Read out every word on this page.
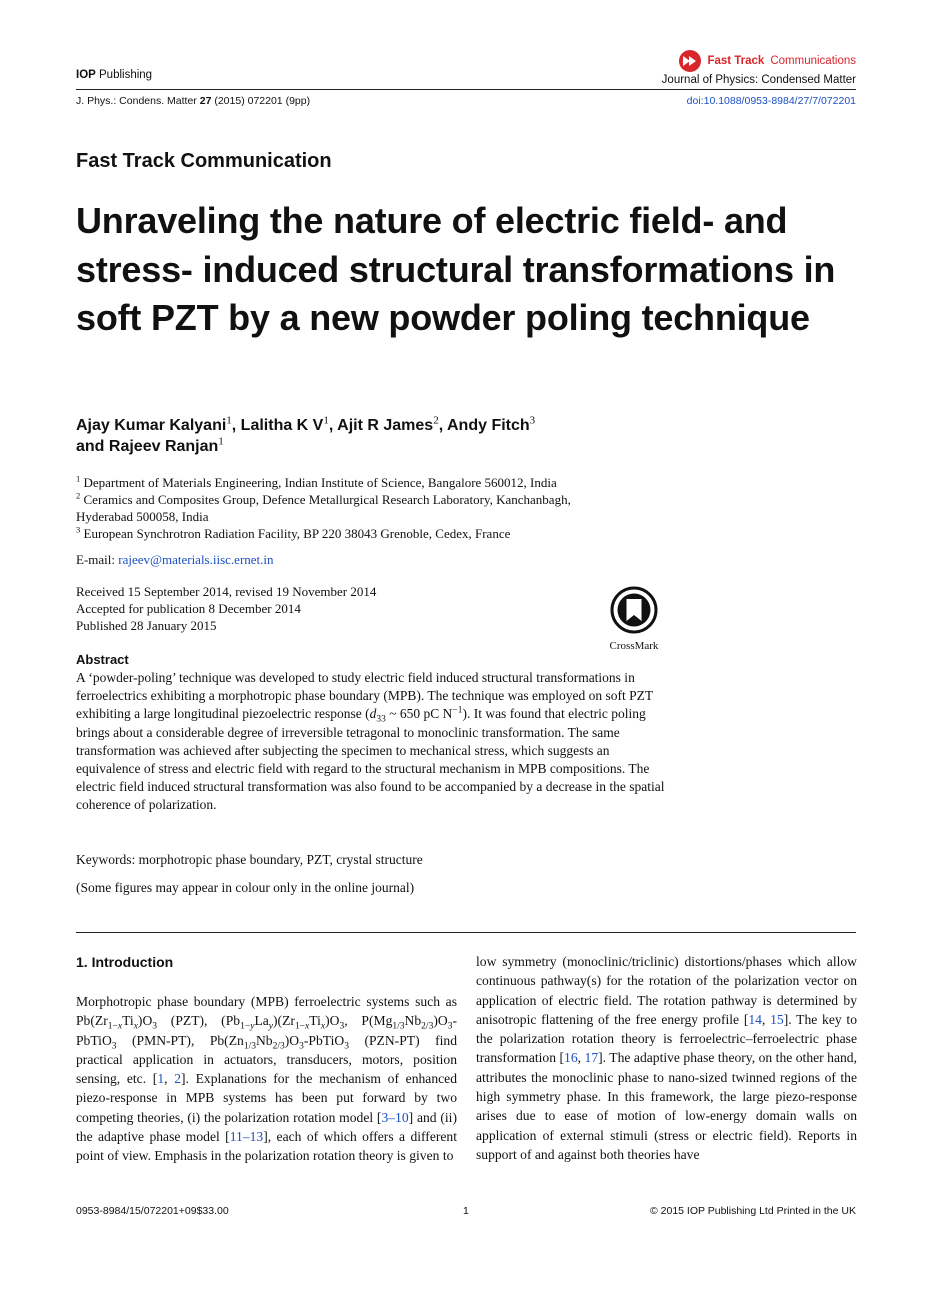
Fast Track Communications
IOP Publishing	Journal of Physics: Condensed Matter
J. Phys.: Condens. Matter 27 (2015) 072201 (9pp)	doi:10.1088/0953-8984/27/7/072201
Fast Track Communication
Unraveling the nature of electric field- and stress- induced structural transformations in soft PZT by a new powder poling technique
Ajay Kumar Kalyani$^1$, Lalitha K $V^1$, Ajit R James$^2$, Andy Fitch$^3$
and Rajeev Ranjan$^1$
$^1$ Department of Materials Engineering, Indian Institute of Science, Bangalore 560012, India
$^2$ Ceramics and Composites Group, Defence Metallurgical Research Laboratory, Kanchanbagh,
Hyderabad 500058, India
$^3$ European Synchrotron Radiation Facility, BP 220 38043 Grenoble, Cedex, France
E-mail: rajeev@materials.iisc.ernet.in
Received 15 September 2014, revised 19 November 2014
Accepted for publication 8 December 2014
Published 28 January 2015
CrossMark
Abstract
A ‘powder-poling’ technique was developed to study electric field induced structural transformations in ferroelectrics exhibiting a morphotropic phase boundary (MPB). The technique was employed on soft PZT exhibiting a large longitudinal piezoelectric response ($d_{33}$ ~ 650 pC $N^{-1}$). It was found that electric poling brings about a considerable degree of irreversible tetragonal to monoclinic transformation. The same transformation was achieved after subjecting the specimen to mechanical stress, which suggests an equivalence of stress and electric field with regard to the structural mechanism in MPB compositions. The electric field induced structural transformation was also found to be accompanied by a decrease in the spatial coherence of polarization.
Keywords: morphotropic phase boundary, PZT, crystal structure
(Some figures may appear in colour only in the online journal)
1. Introduction
Morphotropic phase boundary (MPB) ferroelectric systems such as $Pb(Zr_{1-x}Ti_x)O_3$ (PZT), $(Pb_{1-y}La_y)(Zr_{1-x}Ti_x)O_3$, $P(Mg_{1/3}Nb_{2/3})O_3-PbTiO_3$ (PMN-PT), $Pb(Zn_{1/3}Nb_{2/3})O_3-PbTiO_3$ (PZN-PT) find practical application in actuators, transducers, motors, position sensing, etc. [1, 2]. Explanations for the mechanism of enhanced piezo-response in MPB systems has been put forward by two competing theories, (i) the polarization rotation model [3–10] and (ii) the adaptive phase model [11–13], each of which offers a different point of view. Emphasis in the polarization rotation theory is given to
low symmetry (monoclinic/triclinic) distortions/phases which allow continuous pathway(s) for the rotation of the polarization vector on application of electric field. The rotation pathway is determined by anisotropic flattening of the free energy profile [14, 15]. The key to the polarization rotation theory is ferroelectric–ferroelectric phase transformation [16, 17]. The adaptive phase theory, on the other hand, attributes the monoclinic phase to nano-sized twinned regions of the high symmetry phase. In this framework, the large piezo-response arises due to ease of motion of low-energy domain walls on application of external stimuli (stress or electric field). Reports in support of and against both theories have
0953-8984/15/072201+09$33.00	1	© 2015 IOP Publishing Ltd Printed in the UK
